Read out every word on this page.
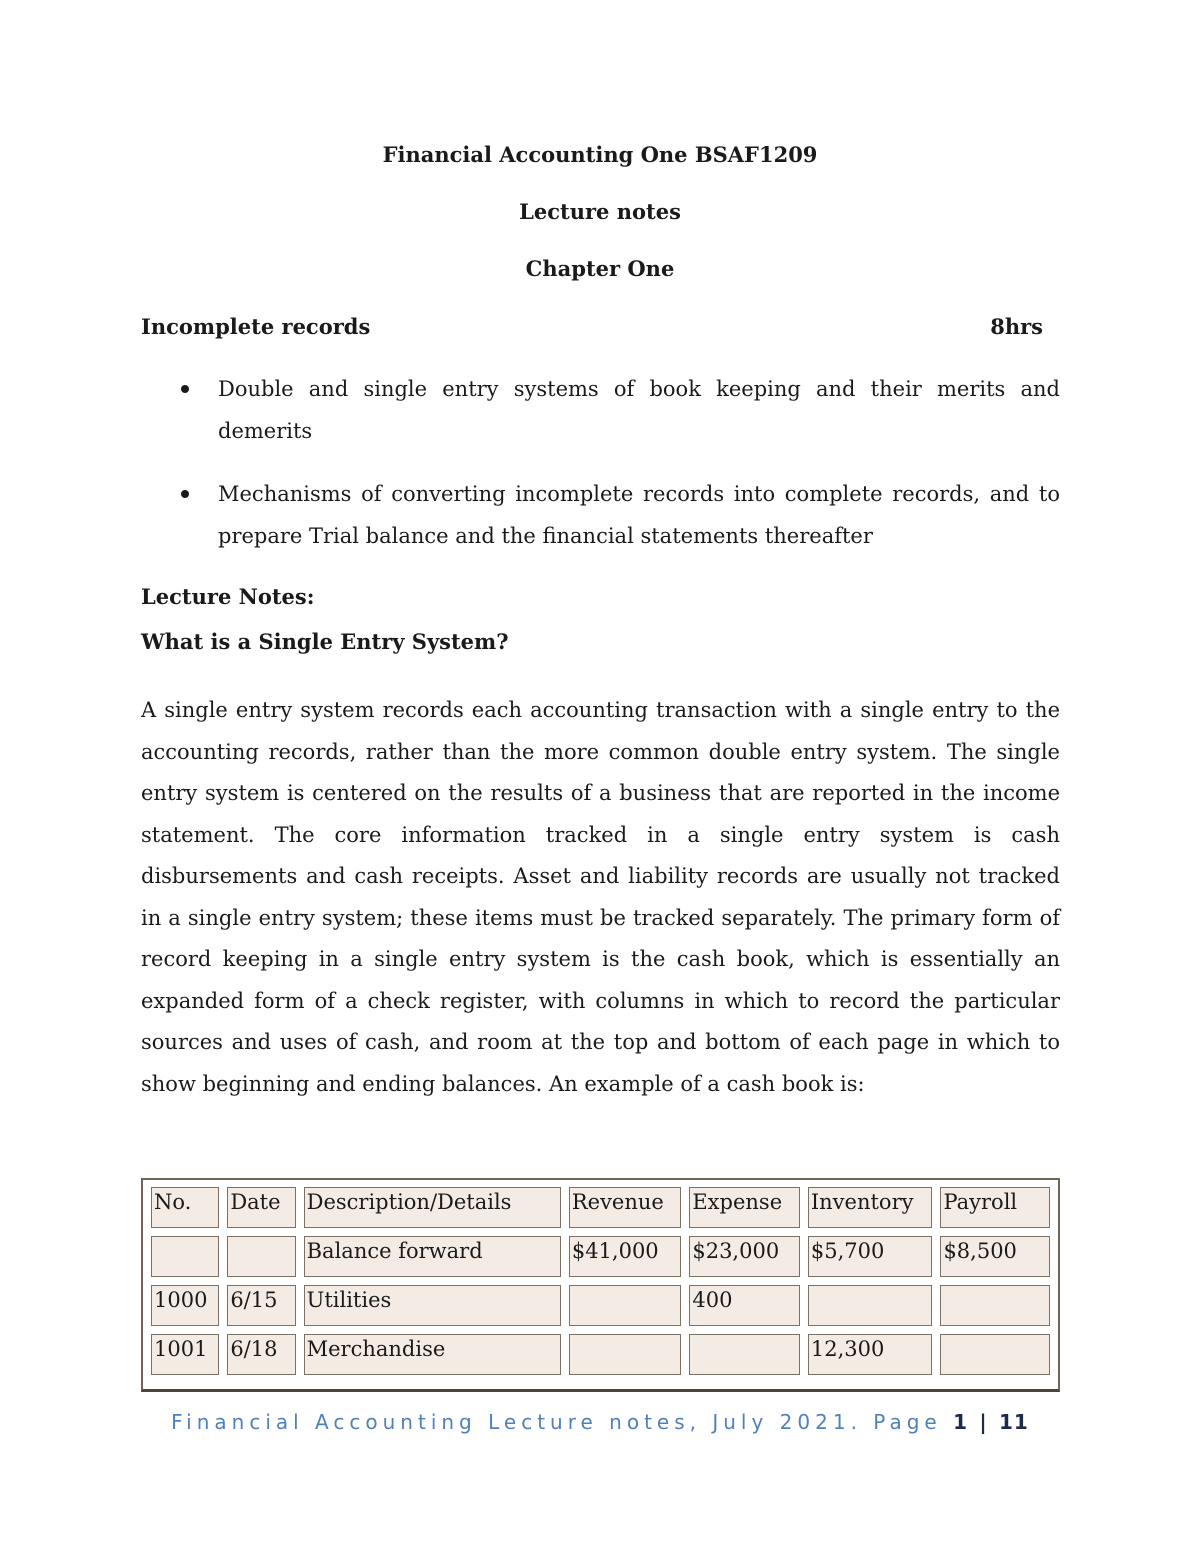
Financial Accounting One BSAF1209
Lecture notes
Chapter One
Incomplete records	8hrs
Double and single entry systems of book keeping and their merits and demerits
Mechanisms of converting incomplete records into complete records, and to prepare Trial balance and the financial statements thereafter
Lecture Notes:
What is a Single Entry System?
A single entry system records each accounting transaction with a single entry to the accounting records, rather than the more common double entry system. The single entry system is centered on the results of a business that are reported in the income statement. The core information tracked in a single entry system is cash disbursements and cash receipts. Asset and liability records are usually not tracked in a single entry system; these items must be tracked separately. The primary form of record keeping in a single entry system is the cash book, which is essentially an expanded form of a check register, with columns in which to record the particular sources and uses of cash, and room at the top and bottom of each page in which to show beginning and ending balances. An example of a cash book is:
No.	Date	Description/Details	Revenue	Expense	Inventory	Payroll
		Balance forward	$41,000	$23,000	$5,700	$8,500
1000	6/15	Utilities		400		
1001	6/18	Merchandise			12,300	
Financial Accounting Lecture notes, July 2021. Page 1 | 11
